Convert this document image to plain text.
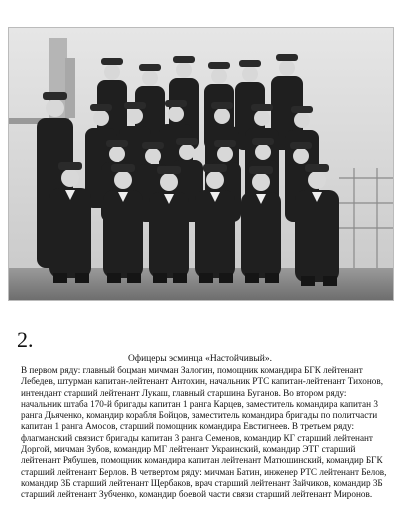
2.
Офицеры эсминца «Настойчивый».
В первом ряду: главный боцман мичман Залогин, помощник командира БГК лейтенант Лебедев, штурман капитан-лейтенант Антохин, начальник РТС капитан-лейтенант Тихонов, интендант старший лейтенант Лукаш, главный старшина Буганов. Во втором ряду: начальник штаба 170-й бригады капитан 1 ранга Карцев, заместитель командира капитан 3 ранга Дьяченко, командир корабля Бойцов, заместитель командира бригады по политчасти капитан 1 ранга Амосов, старший помощник командира Евстигнеев. В третьем ряду: флагманский связист бригады капитан 3 ранга Семенов, командир КГ старший лейтенант Доргой, мичман Зубов, командир МГ лейтенант Украинский, командир ЭТГ старший лейтенант Рябушев, помощник командира капитан лейтенант Матюшинский, командир БГК старший лейтенант Берлов. В четвертом ряду: мичман Батин, инженер РТС лейтенант Белов, командир 3Б старший лейтенант Щербаков, врач старший лейтенант Зайчиков, командир 3Б старший лейтенант Зубченко, командир боевой части связи старший лейтенант Миронов.
